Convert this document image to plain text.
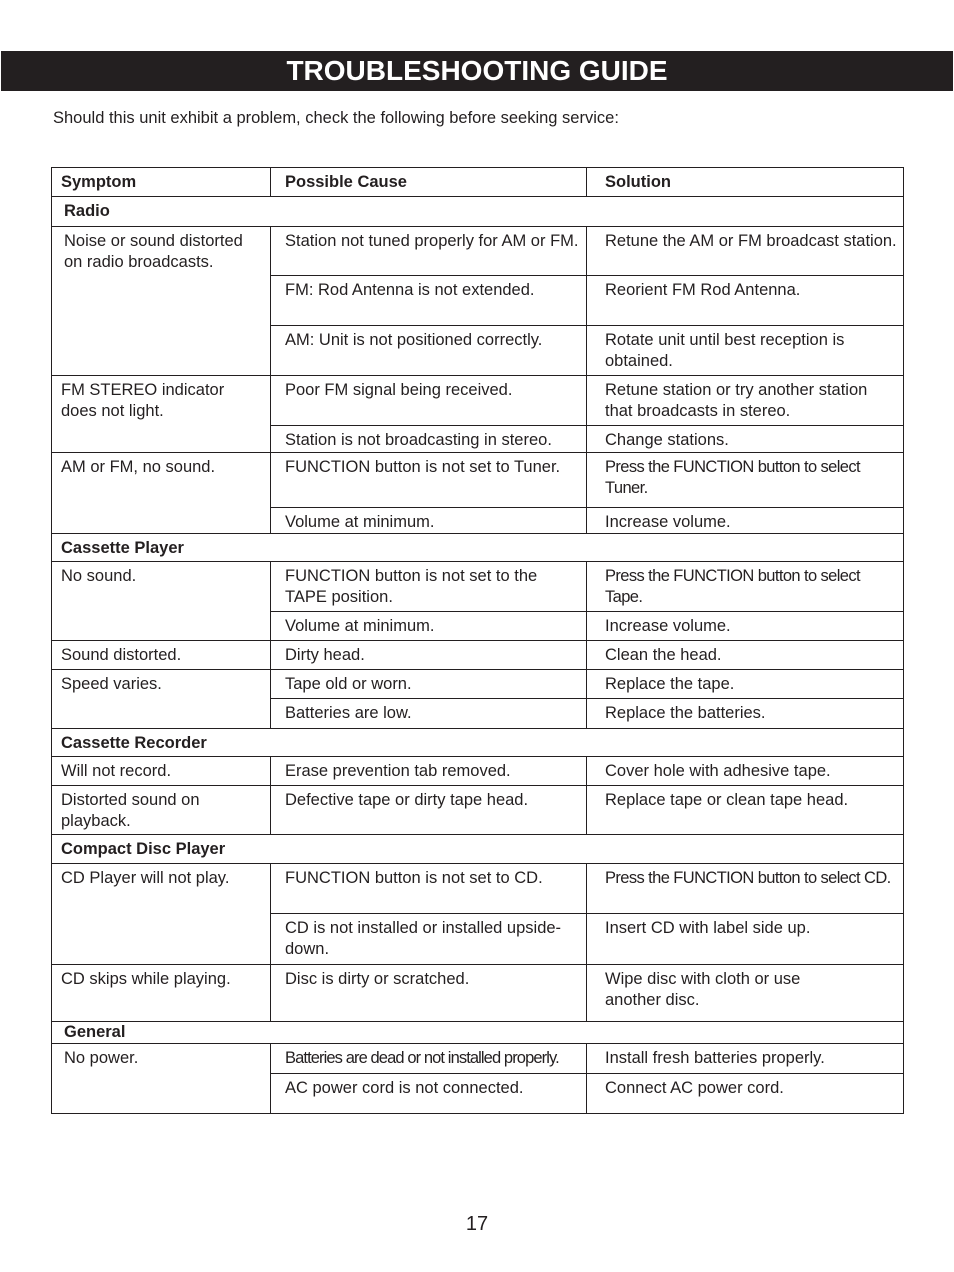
TROUBLESHOOTING GUIDE
Should this unit exhibit a problem, check the following before seeking service:
Symptom	Possible Cause	Solution
Radio		
Noise or sound distorted on radio broadcasts.	Station not tuned properly for AM or FM.	Retune the AM or FM broadcast station.
	FM: Rod Antenna is not extended.	Reorient FM Rod Antenna.
	AM: Unit is not positioned correctly.	Rotate unit until best reception is obtained.
FM STEREO indicator does not light.	Poor FM signal being received.	Retune station or try another station that broadcasts in stereo.
	Station is not broadcasting in stereo.	Change stations.
AM or FM, no sound.	FUNCTION button is not set to Tuner.	Press the FUNCTION button to select Tuner.
	Volume at minimum.	Increase volume.
Cassette Player		
No sound.	FUNCTION button is not set to the TAPE position.	Press the FUNCTION button to select Tape.
	Volume at minimum.	Increase volume.
Sound distorted.	Dirty head.	Clean the head.
Speed varies.	Tape old or worn.	Replace the tape.
	Batteries are low.	Replace the batteries.
Cassette Recorder		
Will not record.	Erase prevention tab removed.	Cover hole with adhesive tape.
Distorted sound on playback.	Defective tape or dirty tape head.	Replace tape or clean tape head.
Compact Disc Player		
CD Player will not play.	FUNCTION button is not set to CD.	Press the FUNCTION button to select CD.
	CD is not installed or installed upside-down.	Insert CD with label side up.
CD skips while playing.	Disc is dirty or scratched.	Wipe disc with cloth or use another disc.
General		
No power.	Batteries are dead or not installed properly.	Install fresh batteries properly.
	AC power cord is not connected.	Connect AC power cord.
17
